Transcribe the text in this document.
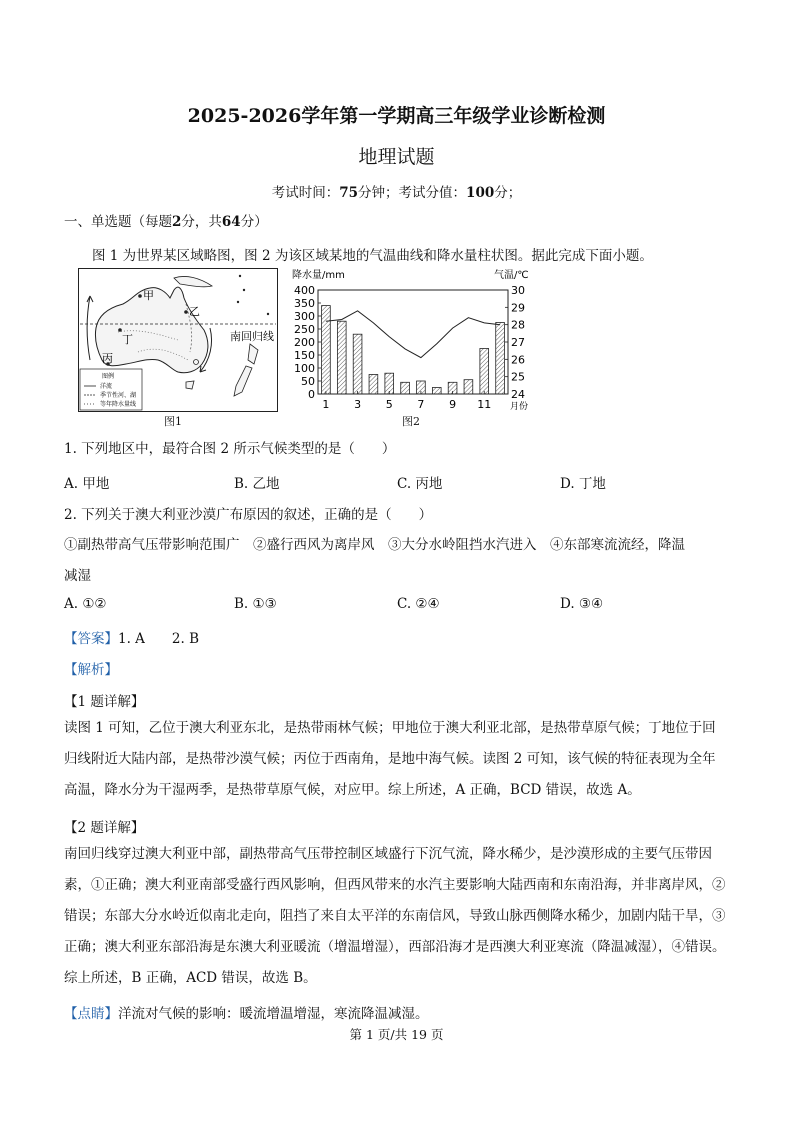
2025-2026学年第一学期高三年级学业诊断检测
地理试题
考试时间：75分钟；考试分值：100分；
一、单选题（每题2分，共64分）
图 1 为世界某区域略图，图 2 为该区域某地的气温曲线和降水量柱状图。据此完成下面小题。
甲
乙
丙
丁	南回归线
图例
洋流
季节性河、湖
等年降水量线
图1
降水量/mm	气温/℃
0
50
100
150
200
250
300
350
400
24
25
26
27
28
29
30
1 3 5 7 9 11 月份
图2
1. 下列地区中，最符合图 2 所示气候类型的是（　　）
A. 甲地	B. 乙地	C. 丙地	D. 丁地
2. 下列关于澳大利亚沙漠广布原因的叙述，正确的是（　　）
①副热带高气压带影响范围广　②盛行西风为离岸风　③大分水岭阻挡水汽进入　④东部寒流流经，降温
减湿
A. ①②	B. ①③	C. ②④	D. ③④
【答案】1. A　　2. B
【解析】
【1 题详解】
读图 1 可知，乙位于澳大利亚东北，是热带雨林气候；甲地位于澳大利亚北部，是热带草原气候；丁地位于回归线附近大陆内部，是热带沙漠气候；丙位于西南角，是地中海气候。读图 2 可知，该气候的特征表现为全年高温，降水分为干湿两季，是热带草原气候，对应甲。综上所述，A 正确，BCD 错误，故选 A。
【2 题详解】
南回归线穿过澳大利亚中部，副热带高气压带控制区域盛行下沉气流，降水稀少，是沙漠形成的主要气压带因素，①正确；澳大利亚南部受盛行西风影响，但西风带来的水汽主要影响大陆西南和东南沿海，并非离岸风，②错误；东部大分水岭近似南北走向，阻挡了来自太平洋的东南信风，导致山脉西侧降水稀少，加剧内陆干旱，③正确；澳大利亚东部沿海是东澳大利亚暖流（增温增湿），西部沿海才是西澳大利亚寒流（降温减湿），④错误。综上所述，B 正确，ACD 错误，故选 B。
【点睛】洋流对气候的影响：暖流增温增湿，寒流降温减湿。
第 1 页/共 19 页
